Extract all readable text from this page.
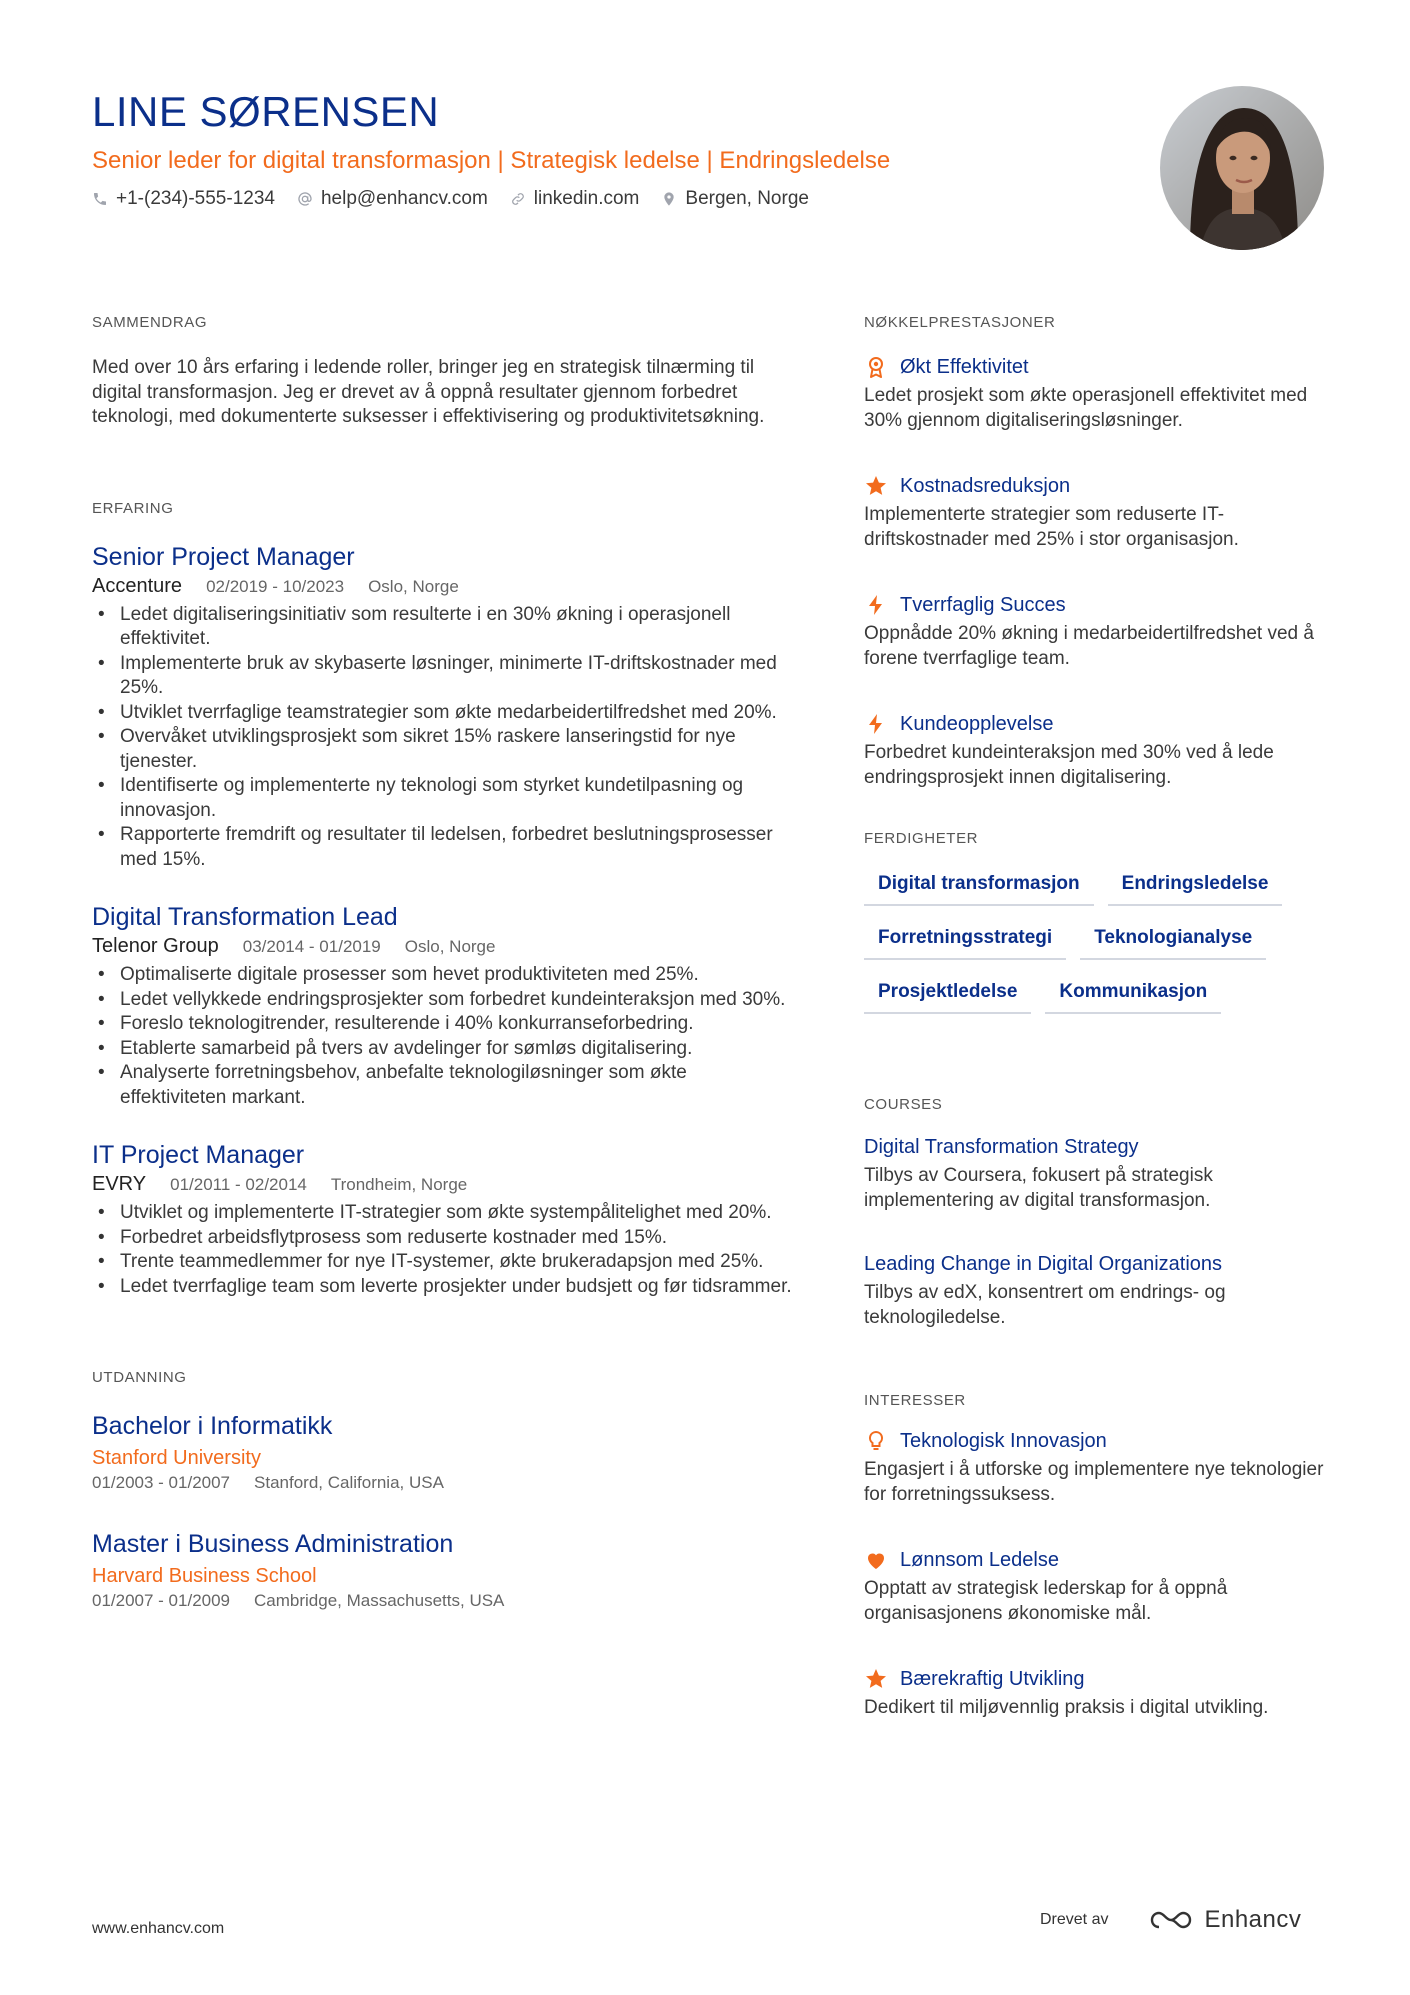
LINE SØRENSEN
Senior leder for digital transformasjon | Strategisk ledelse | Endringsledelse
+1-(234)-555-1234 help@enhancv.com linkedin.com Bergen, Norge
SAMMENDRAG

Med over 10 års erfaring i ledende roller, bringer jeg en strategisk tilnærming til digital transformasjon. Jeg er drevet av å oppnå resultater gjennom forbedret teknologi, med dokumenterte suksesser i effektivisering og produktivitetsøkning.

ERFARING
Senior Project Manager
Accenture 02/2019 - 10/2023 Oslo, Norge
• Ledet digitaliseringsinitiativ som resulterte i en 30% økning i operasjonell effektivitet.
• Implementerte bruk av skybaserte løsninger, minimerte IT-driftskostnader med 25%.
• Utviklet tverrfaglige teamstrategier som økte medarbeidertilfredshet med 20%.
• Overvåket utviklingsprosjekt som sikret 15% raskere lanseringstid for nye tjenester.
• Identifiserte og implementerte ny teknologi som styrket kundetilpasning og innovasjon.
• Rapporterte fremdrift og resultater til ledelsen, forbedret beslutningsprosesser med 15%.
Digital Transformation Lead
Telenor Group 03/2014 - 01/2019 Oslo, Norge
• Optimaliserte digitale prosesser som hevet produktiviteten med 25%.
• Ledet vellykkede endringsprosjekter som forbedret kundeinteraksjon med 30%.
• Foreslo teknologitrender, resulterende i 40% konkurranseforbedring.
• Etablerte samarbeid på tvers av avdelinger for sømløs digitalisering.
• Analyserte forretningsbehov, anbefalte teknologiløsninger som økte effektiviteten markant.
IT Project Manager
EVRY 01/2011 - 02/2014 Trondheim, Norge
• Utviklet og implementerte IT-strategier som økte systempålitelighet med 20%.
• Forbedret arbeidsflytprosess som reduserte kostnader med 15%.
• Trente teammedlemmer for nye IT-systemer, økte brukeradapsjon med 25%.
• Ledet tverrfaglige team som leverte prosjekter under budsjett og før tidsrammer.
UTDANNING
Bachelor i Informatikk
Stanford University
01/2003 - 01/2007 Stanford, California, USA
Master i Business Administration
Harvard Business School
01/2007 - 01/2009 Cambridge, Massachusetts, USA
NØKKELPRESTASJONER
Økt Effektivitet
Ledet prosjekt som økte operasjonell effektivitet med 30% gjennom digitaliseringsløsninger.
Kostnadsreduksjon
Implementerte strategier som reduserte IT-driftskostnader med 25% i stor organisasjon.
Tverrfaglig Succes
Oppnådde 20% økning i medarbeidertilfredshet ved å forene tverrfaglige team.
Kundeopplevelse
Forbedret kundeinteraksjon med 30% ved å lede endringsprosjekt innen digitalisering.
FERDIGHETER
Digital transformasjon	Endringsledelse
Forretningsstrategi	Teknologianalyse
Prosjektledelse	Kommunikasjon
COURSES
Digital Transformation Strategy
Tilbys av Coursera, fokusert på strategisk implementering av digital transformasjon.
Leading Change in Digital Organizations
Tilbys av edX, konsentrert om endrings- og teknologiledelse.
INTERESSER
Teknologisk Innovasjon
Engasjert i å utforske og implementere nye teknologier for forretningssuksess.
Lønnsom Ledelse
Opptatt av strategisk lederskap for å oppnå organisasjonens økonomiske mål.
Bærekraftig Utvikling
Dedikert til miljøvennlig praksis i digital utvikling.
www.enhancv.com
Drevet av	Enhancv
